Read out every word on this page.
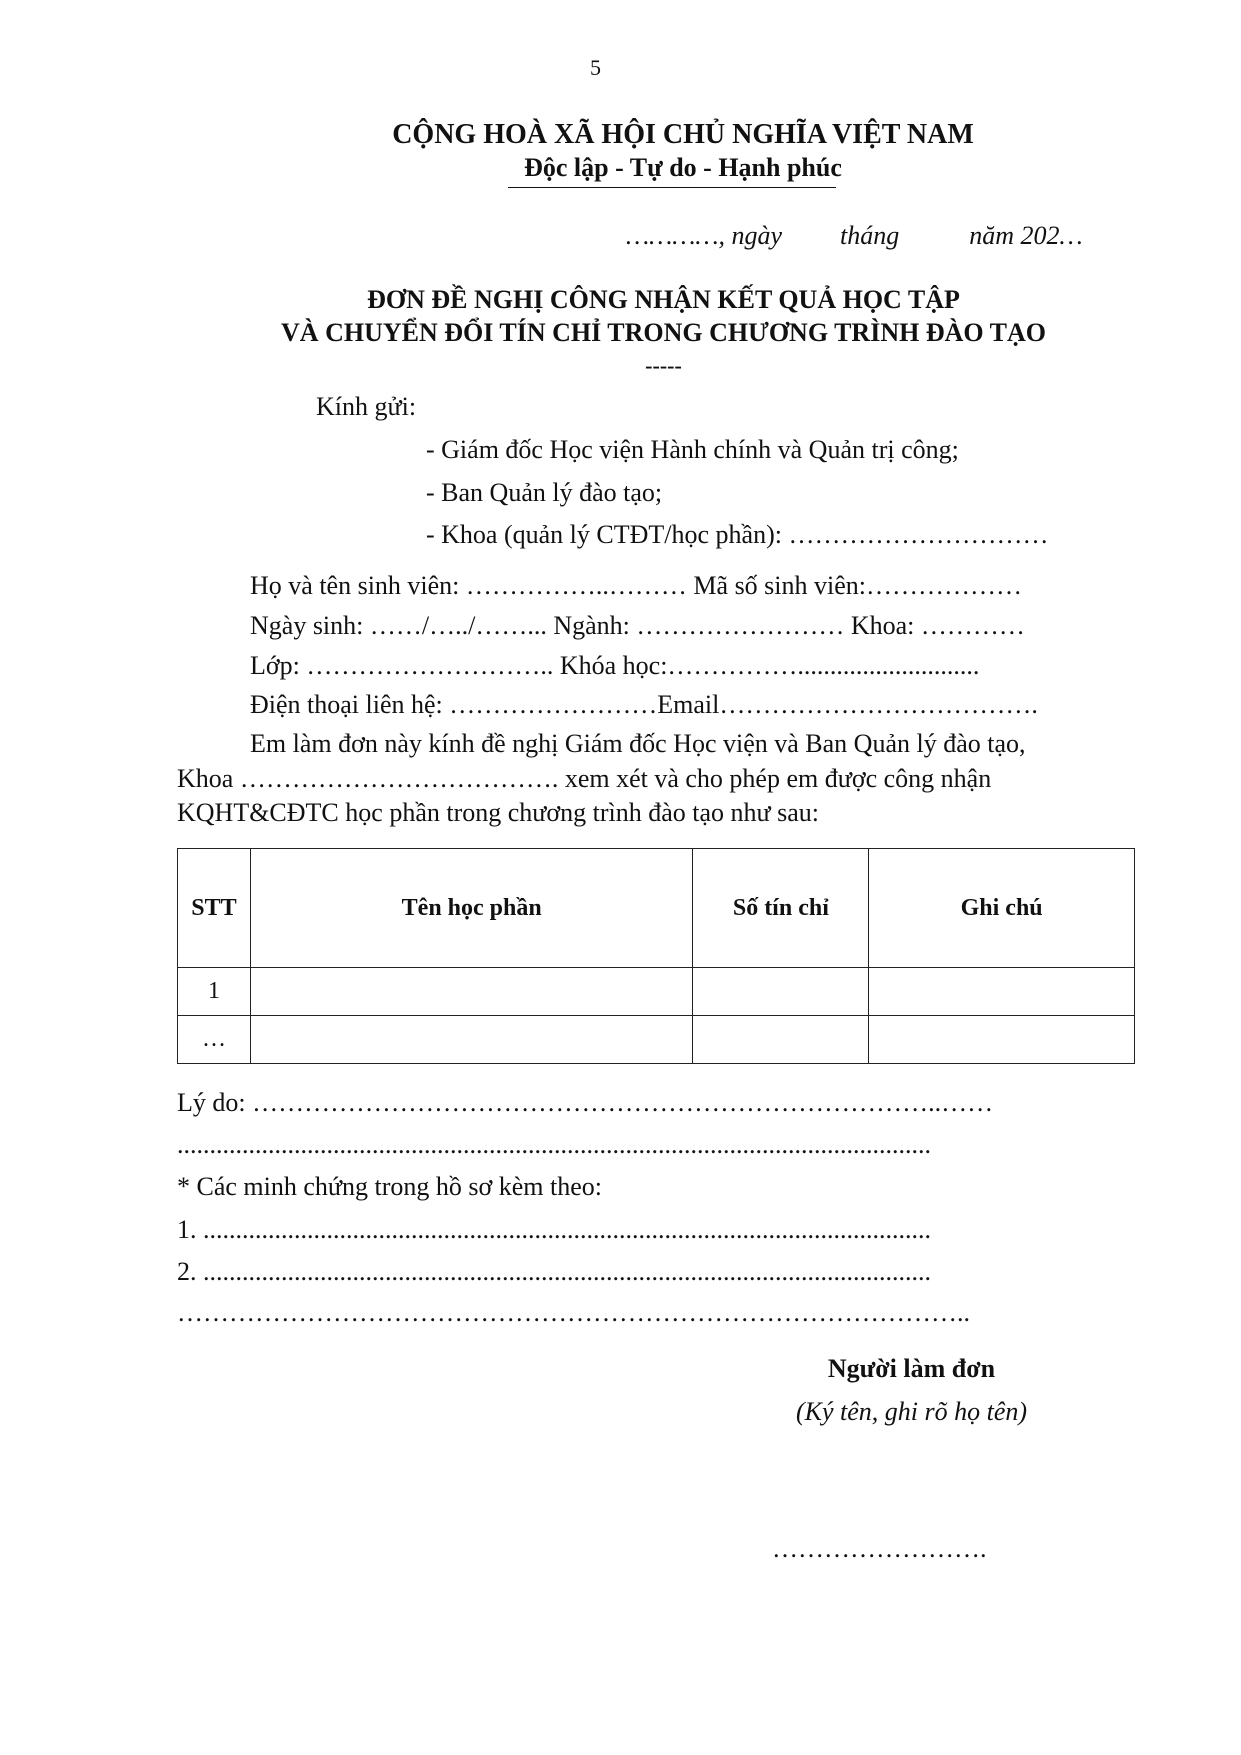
5
CỘNG HOÀ XÃ HỘI CHỦ NGHĨA VIỆT NAM
Độc lập - Tự do - Hạnh phúc
…………, ngày tháng	năm 202…
ĐƠN ĐỀ NGHỊ CÔNG NHẬN KẾT QUẢ HỌC TẬP
VÀ CHUYỂN ĐỔI TÍN CHỈ TRONG CHƯƠNG TRÌNH ĐÀO TẠO
-----
Kính gửi:
- Giám đốc Học viện Hành chính và Quản trị công;
- Ban Quản lý đào tạo;
- Khoa (quản lý CTĐT/học phần): …………………………
Họ và tên sinh viên: ……………..……… Mã số sinh viên:………………
Ngày sinh: ……/…../……... Ngành: …………………… Khoa: …………
Lớp: ……………………….. Khóa học:……………............................
Điện thoại liên hệ: ……………………Email……………………………….
Em làm đơn này kính đề nghị Giám đốc Học viện và Ban Quản lý đào tạo,
Khoa ………………………………. xem xét và cho phép em được công nhận
KQHT&CĐTC học phần trong chương trình đào tạo như sau:
STT	Tên học phần	Số tín chỉ	Ghi chú
1			
…			
Lý do: ……………………………………………………………………..……
....................................................................................................................
* Các minh chứng trong hồ sơ kèm theo:
1. ................................................................................................................
2. ................................................................................................................
………………………………………………………………………………..
Người làm đơn
(Ký tên, ghi rõ họ tên)
…………………….
